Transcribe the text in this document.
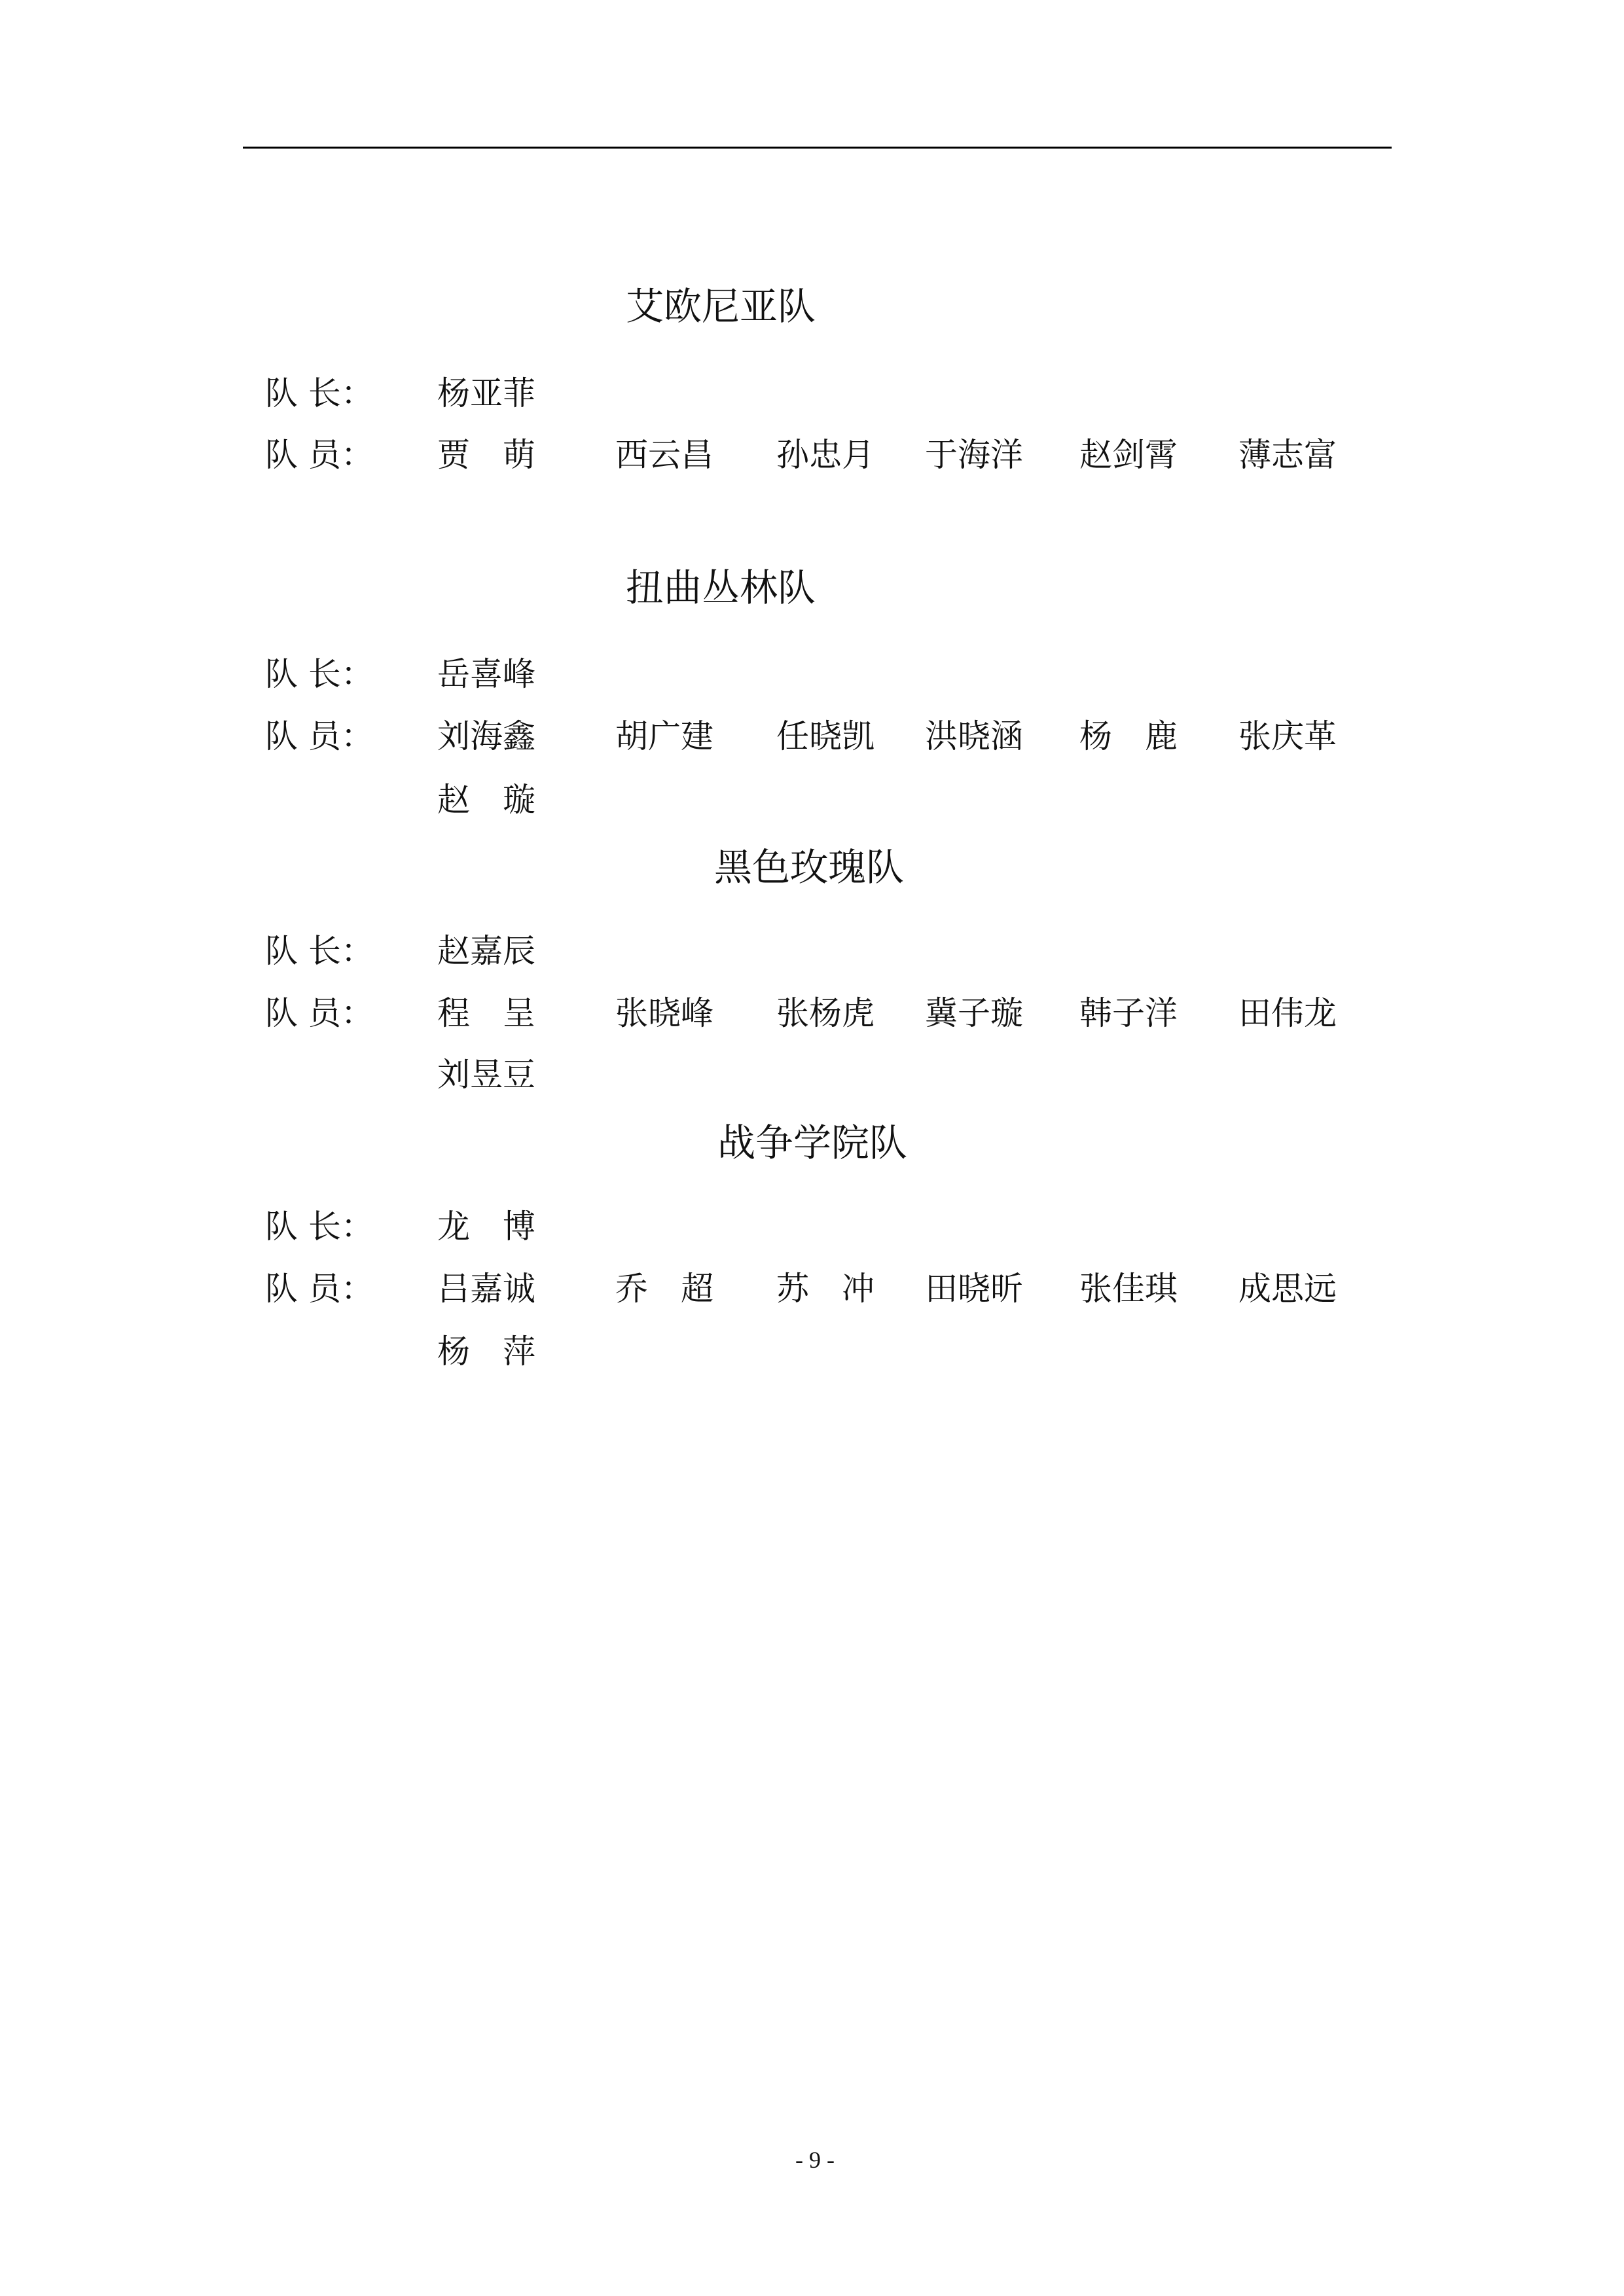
艾欧尼亚队
队 长： 杨亚菲
队 员： 贾　萌 西云昌 孙忠月 于海洋 赵剑霄 薄志富
扭曲丛林队
队 长： 岳喜峰
队 员： 刘海鑫 胡广建 任晓凯 洪晓涵 杨　鹿 张庆革
赵　璇
黑色玫瑰队
队 长： 赵嘉辰
队 员： 程　呈 张晓峰 张杨虎 冀子璇 韩子洋 田伟龙
刘昱豆
战争学院队
队 长： 龙　博
队 员： 吕嘉诚 乔　超 苏　冲 田晓昕 张佳琪 成思远
杨　萍
- 9 -
